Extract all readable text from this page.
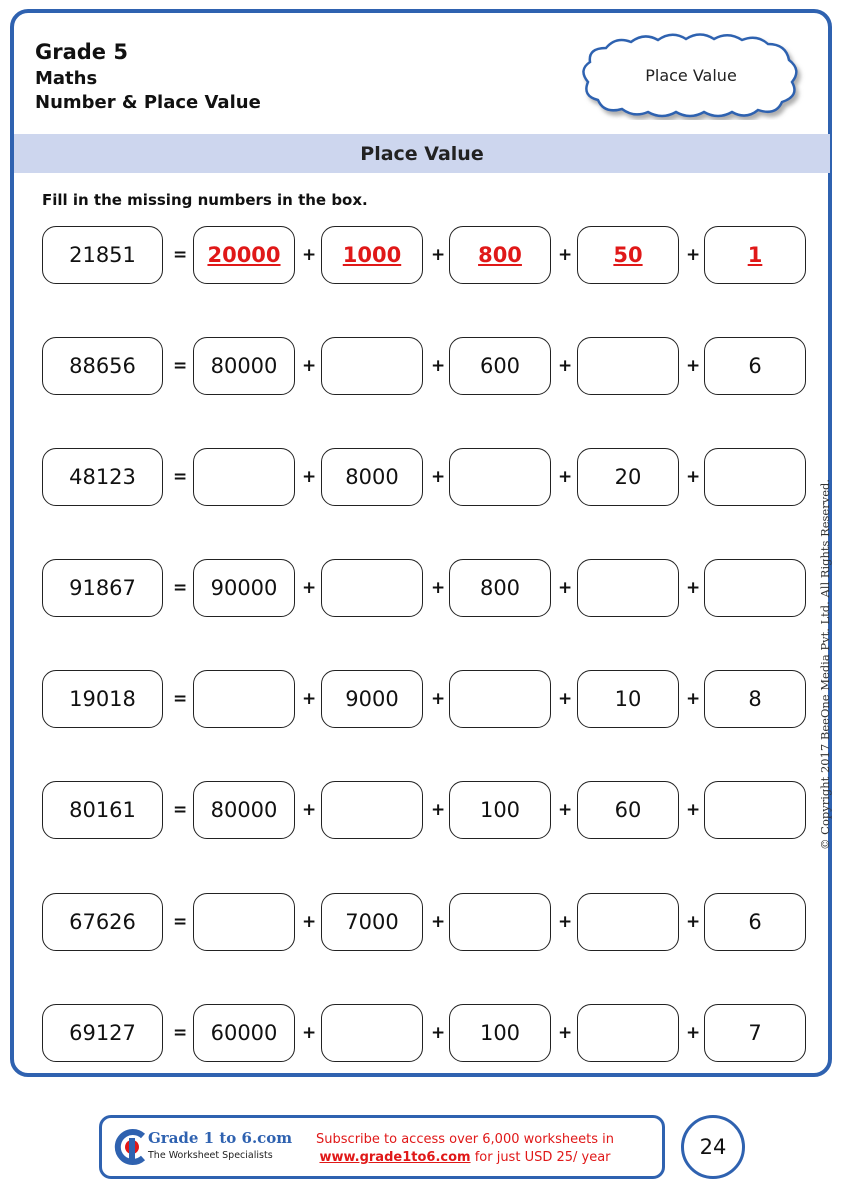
Grade 5
Maths
Number & Place Value
Place Value
Place Value
Fill in the missing numbers in the box.
21851	= 20000	+	1000	+	800	+	50	+	1
88656	=	80000	+	+	600	+	+	6
48123	=	+	8000	+	+	20	+
91867	=	90000	+	+	800	+	+
19018	=	+	9000	+	+	10	+	8
80161	=	80000	+	+	100	+	60	+
67626	=	+	7000	+	+	+	6
69127	=	60000	+	+	100	+	+	7
© Copyright 2017 BeeOne Media Pvt. Ltd. All Rights Reserved.
Grade 1 to 6.com
The Worksheet Specialists
Subscribe to access over 6,000 worksheets in
www.grade1to6.com for just USD 25/ year	24
